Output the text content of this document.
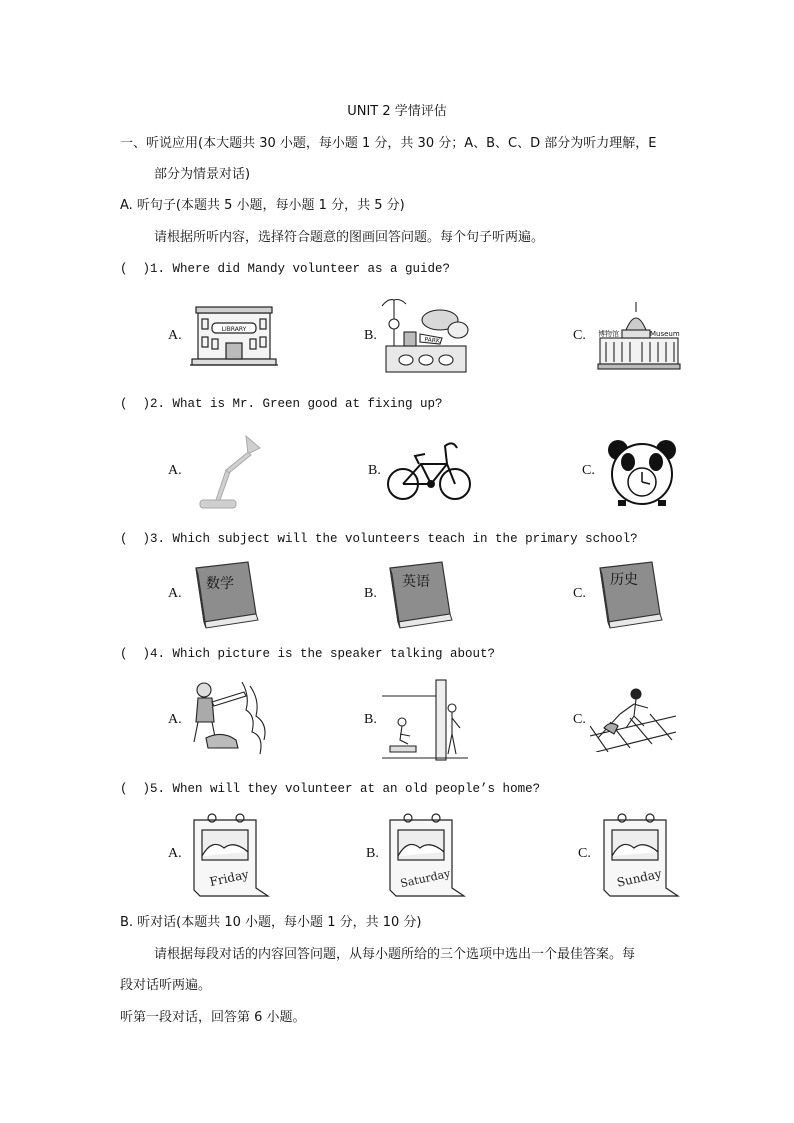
UNIT 2 学情评估
一、听说应用(本大题共 30 小题，每小题 1 分，共 30 分；A、B、C、D 部分为听力理解，E
部分为情景对话)
A. 听句子(本题共 5 小题，每小题 1 分，共 5 分)
请根据所听内容，选择符合题意的图画回答问题。每个句子听两遍。
(  )1. Where did Mandy volunteer as a guide?
A.	LIBRARY	B.	PARK	C. 博物馆	Museum
(  )2. What is Mr. Green good at fixing up?
A.	B.	C.
(  )3. Which subject will the volunteers teach in the primary school?
A.
数学
B.
英语
C.
历史
(  )4. Which picture is the speaker talking about?
A.	B.	C.
(  )5. When will they volunteer at an old people’s home?
A.
Friday
B.
Saturday
C.
Sunday
B. 听对话(本题共 10 小题，每小题 1 分，共 10 分)
请根据每段对话的内容回答问题，从每小题所给的三个选项中选出一个最佳答案。每
段对话听两遍。
听第一段对话，回答第 6 小题。
